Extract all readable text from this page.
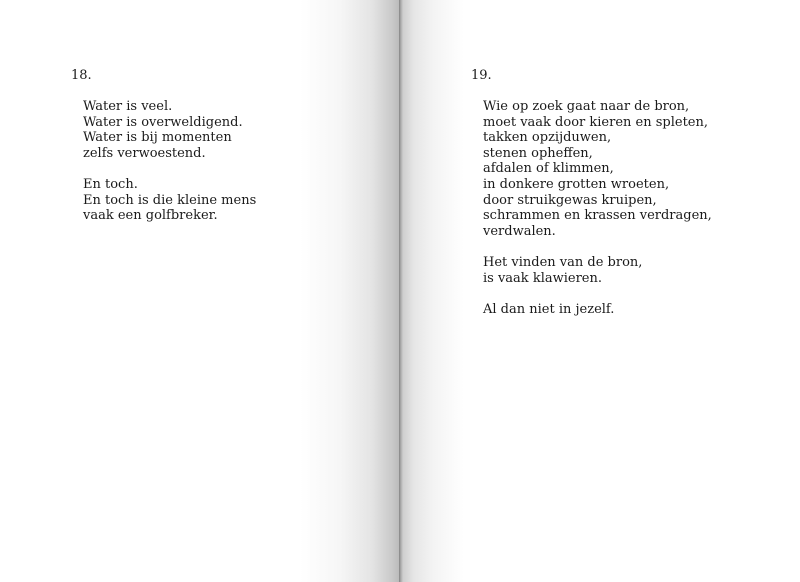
18.

Water is veel.
Water is overweldigend.
Water is bij momenten
zelfs verwoestend.
En toch.
En toch is die kleine mens
vaak een golfbreker.

19.

Wie op zoek gaat naar de bron,
moet vaak door kieren en spleten,
takken opzijduwen,
stenen opheffen,
afdalen of klimmen,
in donkere grotten wroeten,
door struikgewas kruipen,
schrammen en krassen verdragen,
verdwalen.
Het vinden van de bron,
is vaak klawieren.
Al dan niet in jezelf.
